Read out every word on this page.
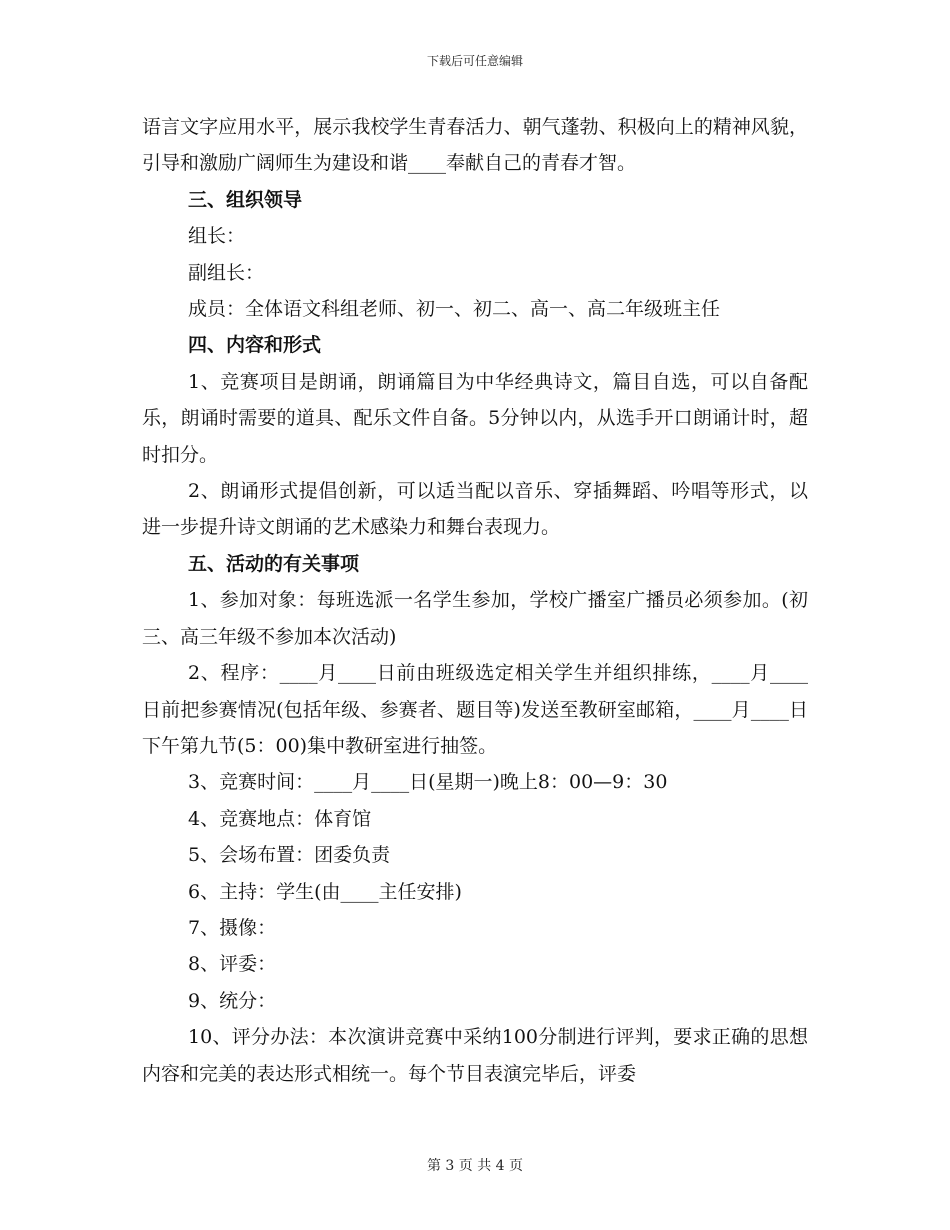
下载后可任意编辑

语言文字应用水平，展示我校学生青春活力、朝气蓬勃、积极向上的精神风貌，引导和激励广阔师生为建设和谐____奉献自己的青春才智。

三、组织领导

组长：

副组长：

成员：全体语文科组老师、初一、初二、高一、高二年级班主任

四、内容和形式

1、竞赛项目是朗诵，朗诵篇目为中华经典诗文，篇目自选，可以自备配乐，朗诵时需要的道具、配乐文件自备。5分钟以内，从选手开口朗诵计时，超时扣分。

2、朗诵形式提倡创新，可以适当配以音乐、穿插舞蹈、吟唱等形式，以进一步提升诗文朗诵的艺术感染力和舞台表现力。

五、活动的有关事项

1、参加对象：每班选派一名学生参加，学校广播室广播员必须参加。(初三、高三年级不参加本次活动)

2、程序：____月____日前由班级选定相关学生并组织排练，____月____日前把参赛情况(包括年级、参赛者、题目等)发送至教研室邮箱，____月____日下午第九节(5：00)集中教研室进行抽签。

3、竞赛时间：____月____日(星期一)晚上8：00—9：30

4、竞赛地点：体育馆

5、会场布置：团委负责

6、主持：学生(由____主任安排)

7、摄像：

8、评委：

9、统分：

10、评分办法：本次演讲竞赛中采纳100分制进行评判，要求正确的思想内容和完美的表达形式相统一。每个节目表演完毕后，评委

第 3 页 共 4 页
